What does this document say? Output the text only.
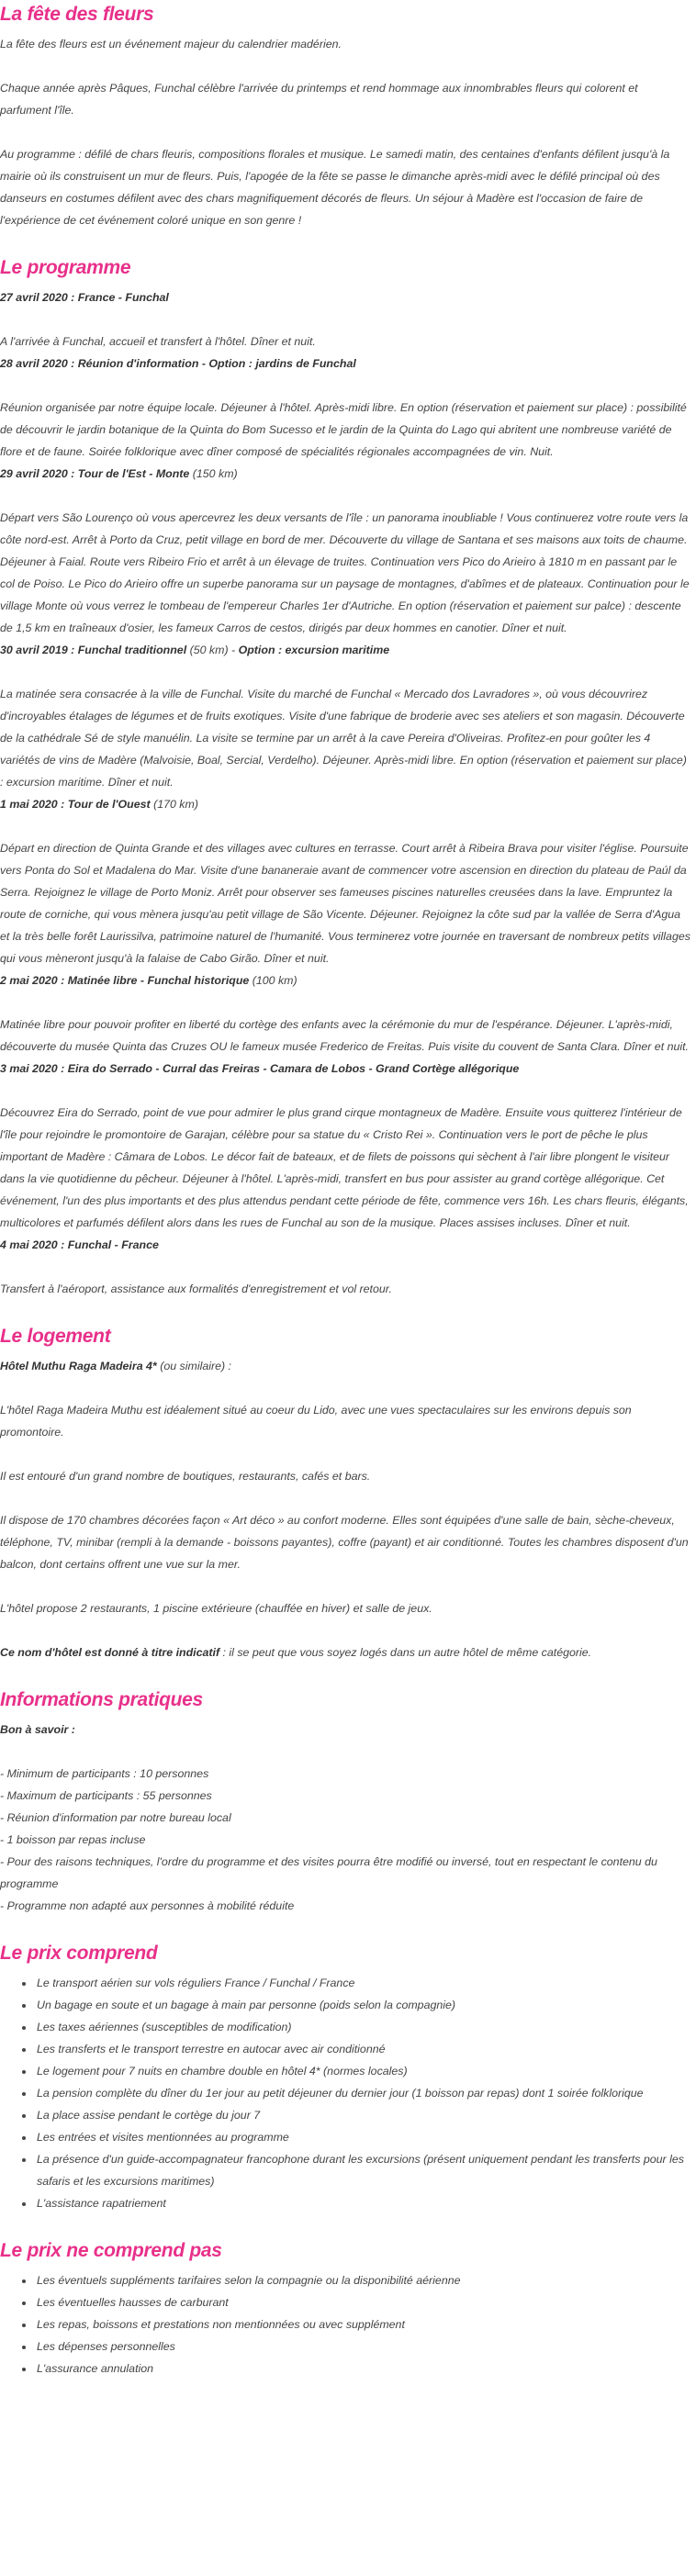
La fête des fleurs

La fête des fleurs est un événement majeur du calendrier madérien.

Chaque année après Pâques, Funchal célèbre l'arrivée du printemps et rend hommage aux innombrables fleurs qui colorent et parfument l'île.

Au programme : défilé de chars fleuris, compositions florales et musique. Le samedi matin, des centaines d'enfants défilent jusqu'à la mairie où ils construisent un mur de fleurs. Puis, l'apogée de la fête se passe le dimanche après-midi avec le défilé principal où des danseurs en costumes défilent avec des chars magnifiquement décorés de fleurs. Un séjour à Madère est l'occasion de faire de l'expérience de cet événement coloré unique en son genre !

Le programme

27 avril 2020 : France - Funchal

A l'arrivée à Funchal, accueil et transfert à l'hôtel. Dîner et nuit.

28 avril 2020 : Réunion d'information - Option : jardins de Funchal

Réunion organisée par notre équipe locale. Déjeuner à l'hôtel. Après-midi libre. En option (réservation et paiement sur place) : possibilité de découvrir le jardin botanique de la Quinta do Bom Sucesso et le jardin de la Quinta do Lago qui abritent une nombreuse variété de flore et de faune. Soirée folklorique avec dîner composé de spécialités régionales accompagnées de vin. Nuit.

29 avril 2020 : Tour de l'Est - Monte (150 km)

Départ vers São Lourenço où vous apercevrez les deux versants de l'île : un panorama inoubliable ! Vous continuerez votre route vers la côte nord-est. Arrêt à Porto da Cruz, petit village en bord de mer. Découverte du village de Santana et ses maisons aux toits de chaume. Déjeuner à Faial. Route vers Ribeiro Frio et arrêt à un élevage de truites. Continuation vers Pico do Arieiro à 1810 m en passant par le col de Poiso. Le Pico do Arieiro offre un superbe panorama sur un paysage de montagnes, d'abîmes et de plateaux. Continuation pour le village Monte où vous verrez le tombeau de l'empereur Charles 1er d'Autriche. En option (réservation et paiement sur palce) : descente de 1,5 km en traîneaux d'osier, les fameux Carros de cestos, dirigés par deux hommes en canotier. Dîner et nuit.

30 avril 2019 : Funchal traditionnel (50 km) - Option : excursion maritime

La matinée sera consacrée à la ville de Funchal. Visite du marché de Funchal « Mercado dos Lavradores », où vous découvrirez d'incroyables étalages de légumes et de fruits exotiques. Visite d'une fabrique de broderie avec ses ateliers et son magasin. Découverte de la cathédrale Sé de style manuélin. La visite se termine par un arrêt à la cave Pereira d'Oliveiras. Profitez-en pour goûter les 4 variétés de vins de Madère (Malvoisie, Boal, Sercial, Verdelho). Déjeuner. Après-midi libre. En option (réservation et paiement sur place) : excursion maritime. Dîner et nuit.

1 mai 2020 : Tour de l'Ouest (170 km)

Départ en direction de Quinta Grande et des villages avec cultures en terrasse. Court arrêt à Ribeira Brava pour visiter l'église. Poursuite vers Ponta do Sol et Madalena do Mar. Visite d'une bananeraie avant de commencer votre ascension en direction du plateau de Paúl da Serra. Rejoignez le village de Porto Moniz. Arrêt pour observer ses fameuses piscines naturelles creusées dans la lave. Empruntez la route de corniche, qui vous mènera jusqu'au petit village de São Vicente. Déjeuner. Rejoignez la côte sud par la vallée de Serra d'Agua et la très belle forêt Laurissilva, patrimoine naturel de l'humanité. Vous terminerez votre journée en traversant de nombreux petits villages qui vous mèneront jusqu'à la falaise de Cabo Girão. Dîner et nuit.

2 mai 2020 : Matinée libre - Funchal historique (100 km)

Matinée libre pour pouvoir profiter en liberté du cortège des enfants avec la cérémonie du mur de l'espérance. Déjeuner. L'après-midi, découverte du musée Quinta das Cruzes OU le fameux musée Frederico de Freitas. Puis visite du couvent de Santa Clara. Dîner et nuit.

3 mai 2020 : Eira do Serrado - Curral das Freiras - Camara de Lobos - Grand Cortège allégorique

Découvrez Eira do Serrado, point de vue pour admirer le plus grand cirque montagneux de Madère. Ensuite vous quitterez l'intérieur de l'île pour rejoindre le promontoire de Garajan, célèbre pour sa statue du « Cristo Rei ». Continuation vers le port de pêche le plus important de Madère : Câmara de Lobos. Le décor fait de bateaux, et de filets de poissons qui sèchent à l'air libre plongent le visiteur dans la vie quotidienne du pêcheur. Déjeuner à l'hôtel. L'après-midi, transfert en bus pour assister au grand cortège allégorique. Cet événement, l'un des plus importants et des plus attendus pendant cette période de fête, commence vers 16h. Les chars fleuris, élégants, multicolores et parfumés défilent alors dans les rues de Funchal au son de la musique. Places assises incluses. Dîner et nuit.

4 mai 2020 : Funchal - France

Transfert à l'aéroport, assistance aux formalités d'enregistrement et vol retour.

Le logement

Hôtel Muthu Raga Madeira 4* (ou similaire) :

L'hôtel Raga Madeira Muthu est idéalement situé au coeur du Lido, avec une vues spectaculaires sur les environs depuis son promontoire.

Il est entouré d'un grand nombre de boutiques, restaurants, cafés et bars.

Il dispose de 170 chambres décorées façon « Art déco » au confort moderne. Elles sont équipées d'une salle de bain, sèche-cheveux, téléphone, TV, minibar (rempli à la demande - boissons payantes), coffre (payant) et air conditionné. Toutes les chambres disposent d'un balcon, dont certains offrent une vue sur la mer.

L'hôtel propose 2 restaurants, 1 piscine extérieure (chauffée en hiver) et salle de jeux.

Ce nom d'hôtel est donné à titre indicatif : il se peut que vous soyez logés dans un autre hôtel de même catégorie.

Informations pratiques

Bon à savoir :

- Minimum de participants : 10 personnes

- Maximum de participants : 55 personnes

- Réunion d'information par notre bureau local

- 1 boisson par repas incluse

- Pour des raisons techniques, l'ordre du programme et des visites pourra être modifié ou inversé, tout en respectant le contenu du programme

- Programme non adapté aux personnes à mobilité réduite

Le prix comprend
• Le transport aérien sur vols réguliers France / Funchal / France
• Un bagage en soute et un bagage à main par personne (poids selon la compagnie)
• Les taxes aériennes (susceptibles de modification)
• Les transferts et le transport terrestre en autocar avec air conditionné
• Le logement pour 7 nuits en chambre double en hôtel 4* (normes locales)
• La pension complète du dîner du 1er jour au petit déjeuner du dernier jour (1 boisson par repas) dont 1 soirée folklorique
• La place assise pendant le cortège du jour 7
• Les entrées et visites mentionnées au programme
• La présence d'un guide-accompagnateur francophone durant les excursions (présent uniquement pendant les transferts pour les safaris et les excursions maritimes)
• L'assistance rapatriement
Le prix ne comprend pas
• Les éventuels suppléments tarifaires selon la compagnie ou la disponibilité aérienne
• Les éventuelles hausses de carburant
• Les repas, boissons et prestations non mentionnées ou avec supplément
• Les dépenses personnelles
• L'assurance annulation
